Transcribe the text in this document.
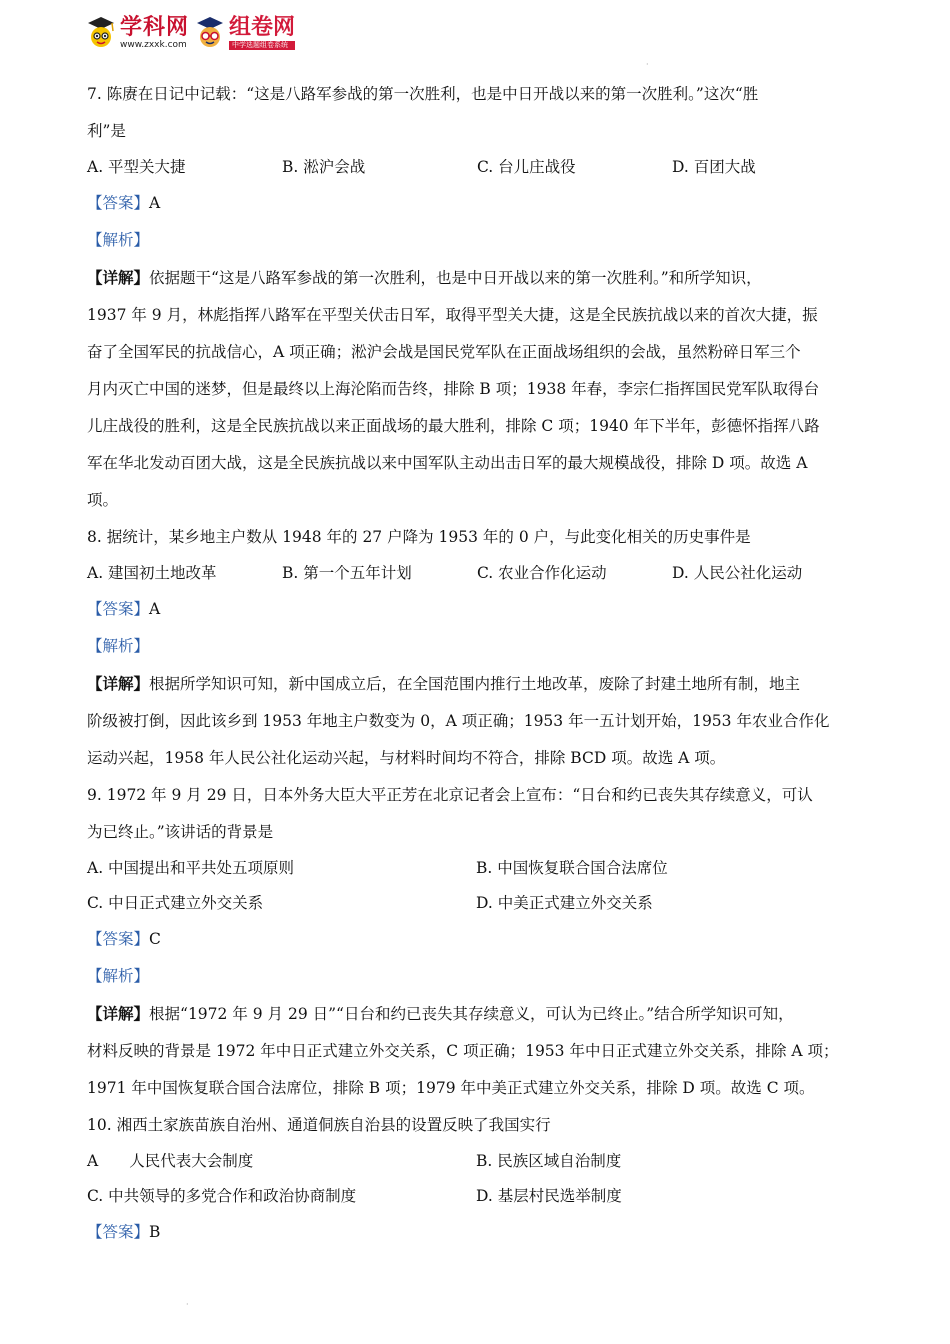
学科网
www.zxxk.com
组卷网
中学选题组卷系统
·

7. 陈赓在日记中记载：“这是八路军参战的第一次胜利，也是中日开战以来的第一次胜利。”这次“胜

利”是

A. 平型关大捷	B. 淞沪会战	C. 台儿庄战役	D. 百团大战

【答案】A

【解析】

【详解】依据题干“这是八路军参战的第一次胜利，也是中日开战以来的第一次胜利。”和所学知识，

1937 年 9 月，林彪指挥八路军在平型关伏击日军，取得平型关大捷，这是全民族抗战以来的首次大捷，振

奋了全国军民的抗战信心，A 项正确；淞沪会战是国民党军队在正面战场组织的会战，虽然粉碎日军三个

月内灭亡中国的迷梦，但是最终以上海沦陷而告终，排除 B 项；1938 年春，李宗仁指挥国民党军队取得台

儿庄战役的胜利，这是全民族抗战以来正面战场的最大胜利，排除 C 项；1940 年下半年，彭德怀指挥八路

军在华北发动百团大战，这是全民族抗战以来中国军队主动出击日军的最大规模战役，排除 D 项。故选 A

项。

8. 据统计，某乡地主户数从 1948 年的 27 户降为 1953 年的 0 户，与此变化相关的历史事件是

A. 建国初土地改革	B. 第一个五年计划	C. 农业合作化运动	D. 人民公社化运动

【答案】A

【解析】

【详解】根据所学知识可知，新中国成立后，在全国范围内推行土地改革，废除了封建土地所有制，地主

阶级被打倒，因此该乡到 1953 年地主户数变为 0，A 项正确；1953 年一五计划开始，1953 年农业合作化

运动兴起，1958 年人民公社化运动兴起，与材料时间均不符合，排除 BCD 项。故选 A 项。

9. 1972 年 9 月 29 日，日本外务大臣大平正芳在北京记者会上宣布：“日台和约已丧失其存续意义，可认

为已终止。”该讲话的背景是

A. 中国提出和平共处五项原则	B. 中国恢复联合国合法席位
C. 中日正式建立外交关系	D. 中美正式建立外交关系

【答案】C

【解析】

【详解】根据“1972 年 9 月 29 日”“日台和约已丧失其存续意义，可认为已终止。”结合所学知识可知，

材料反映的背景是 1972 年中日正式建立外交关系，C 项正确；1953 年中日正式建立外交关系，排除 A 项；

1971 年中国恢复联合国合法席位，排除 B 项；1979 年中美正式建立外交关系，排除 D 项。故选 C 项。

10. 湘西土家族苗族自治州、通道侗族自治县的设置反映了我国实行

A　　人民代表大会制度	B. 民族区域自治制度
C. 中共领导的多党合作和政治协商制度	D. 基层村民选举制度

【答案】B

·
